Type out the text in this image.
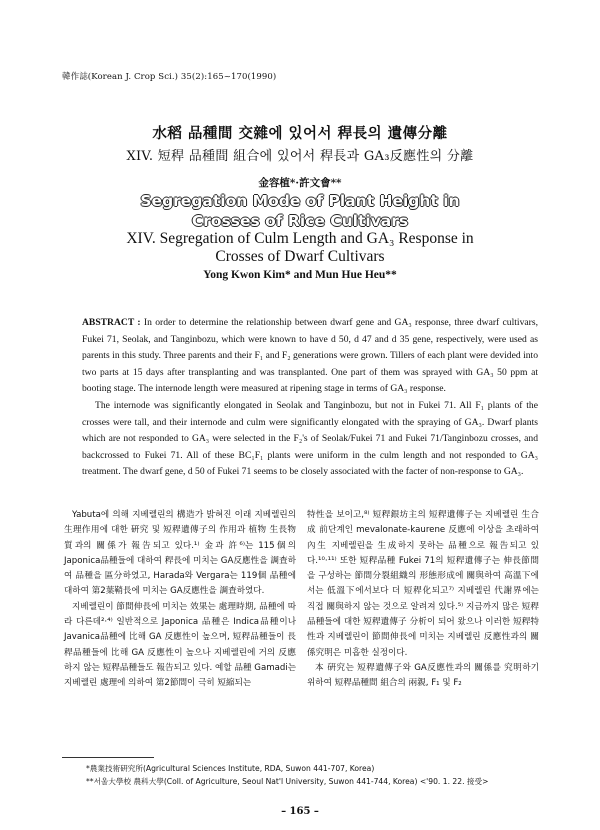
韓作誌(Korean J. Crop Sci.) 35(2):165~170(1990)
水稻 品種間 交雜에 있어서 稈長의 遺傳分離
XIV. 短稈 品種間 組合에 있어서 稈長과 GA₃反應性의 分離
金容植*·許文會**
Segregation Mode of Plant Height in
Crosses of Rice Cultivars
XIV. Segregation of Culm Length and GA₃ Response in
Crosses of Dwarf Cultivars
Yong Kwon Kim* and Mun Hue Heu**

ABSTRACT : In order to determine the relationship between dwarf gene and GA₃ response, three dwarf cultivars, Fukei 71, Seolak, and Tanginbozu, which were known to have d 50, d 47 and d 35 gene, respectively, were used as parents in this study. Three parents and their F₁ and F₂ generations were grown. Tillers of each plant were devided into two parts at 15 days after transplanting and was transplanted. One part of them was sprayed with GA₃ 50 ppm at booting stage. The internode length were measured at ripening stage in terms of GA₃ response.

The internode was significantly elongated in Seolak and Tanginbozu, but not in Fukei 71. All F₁ plants of the crosses were tall, and their internode and culm were significantly elongated with the spraying of GA₃. Dwarf plants which are not responded to GA₃ were selected in the F₂'s of Seolak/Fukei 71 and Fukei 71/Tanginbozu crosses, and backcrossed to Fukei 71. All of these BC₁F₁ plants were uniform in the culm length and not responded to GA₃ treatment. The dwarf gene, d 50 of Fukei 71 seems to be closely associated with the facter of non-response to GA₃.

Yabuta에 의해 지베렐린의 構造가 밝혀진 이래 지베렐린의 生理作用에 대한 硏究 및 短稈遺傳子의 作用과 植物 生長物質과의 關係가 報告되고 있다.¹⁾ 金과 許⁶⁾는 115個의 Japonica品種들에 대하여 稈長에 미치는 GA反應性을 調査하여 品種을 區分하였고, Harada와 Vergara는 119個 品種에 대하여 第2葉鞘長에 미치는 GA反應性을 調査하였다.

지베렐린이 節間伸長에 미치는 效果는 處理時期, 品種에 따라 다른데²·⁴⁾ 일반적으로 Japonica 品種은 Indica品種이나 Javanica品種에 比해 GA 反應性이 높으며, 短稈品種들이 長稈品種들에 比해 GA 反應性이 높으나 지베렐린에 거의 反應하지 않는 短稈品種들도 報告되고 있다. 예할 品種 Gamadi는 지베렐린 處理에 의하여 第2節間이 극히 短縮되는

特性을 보이고,⁸⁾ 短稈銀坊主의 短稈遺傳子는 지베렐린 生合成 前단계인 mevalonate-kaurene 反應에 이상을 초래하여 內生 지베렐린을 生成하지 못하는 品種으로 報告되고 있다.¹⁰·¹¹⁾ 또한 短稈品種 Fukei 71의 短稈遺傳子는 伸長節間을 구성하는 節間分裂組織의 形態形成에 關與하여 高溫下에서는 低溫下에서보다 더 短稈化되고⁷⁾ 지베렐린 代謝界에는 직접 關與하지 않는 것으로 알려져 있다.⁵⁾ 지금까지 많은 短稈品種들에 대한 短稈遺傳子 分析이 되어 왔으나 이러한 短稈特性과 지베렐린이 節間伸長에 미치는 지베렐린 反應性과의 關係究明은 미흡한 실정이다.

本 硏究는 短稈遺傳子와 GA反應性과의 關係를 究明하기 위하여 短稈品種間 組合의 兩親, F₁ 및 F₂

*農業技術硏究所(Agricultural Sciences Institute, RDA, Suwon 441-707, Korea)
**서울大學校 農科大學(Coll. of Agriculture, Seoul Nat'l University, Suwon 441-744, Korea) <'90. 1. 22. 接受>
– 165 –
